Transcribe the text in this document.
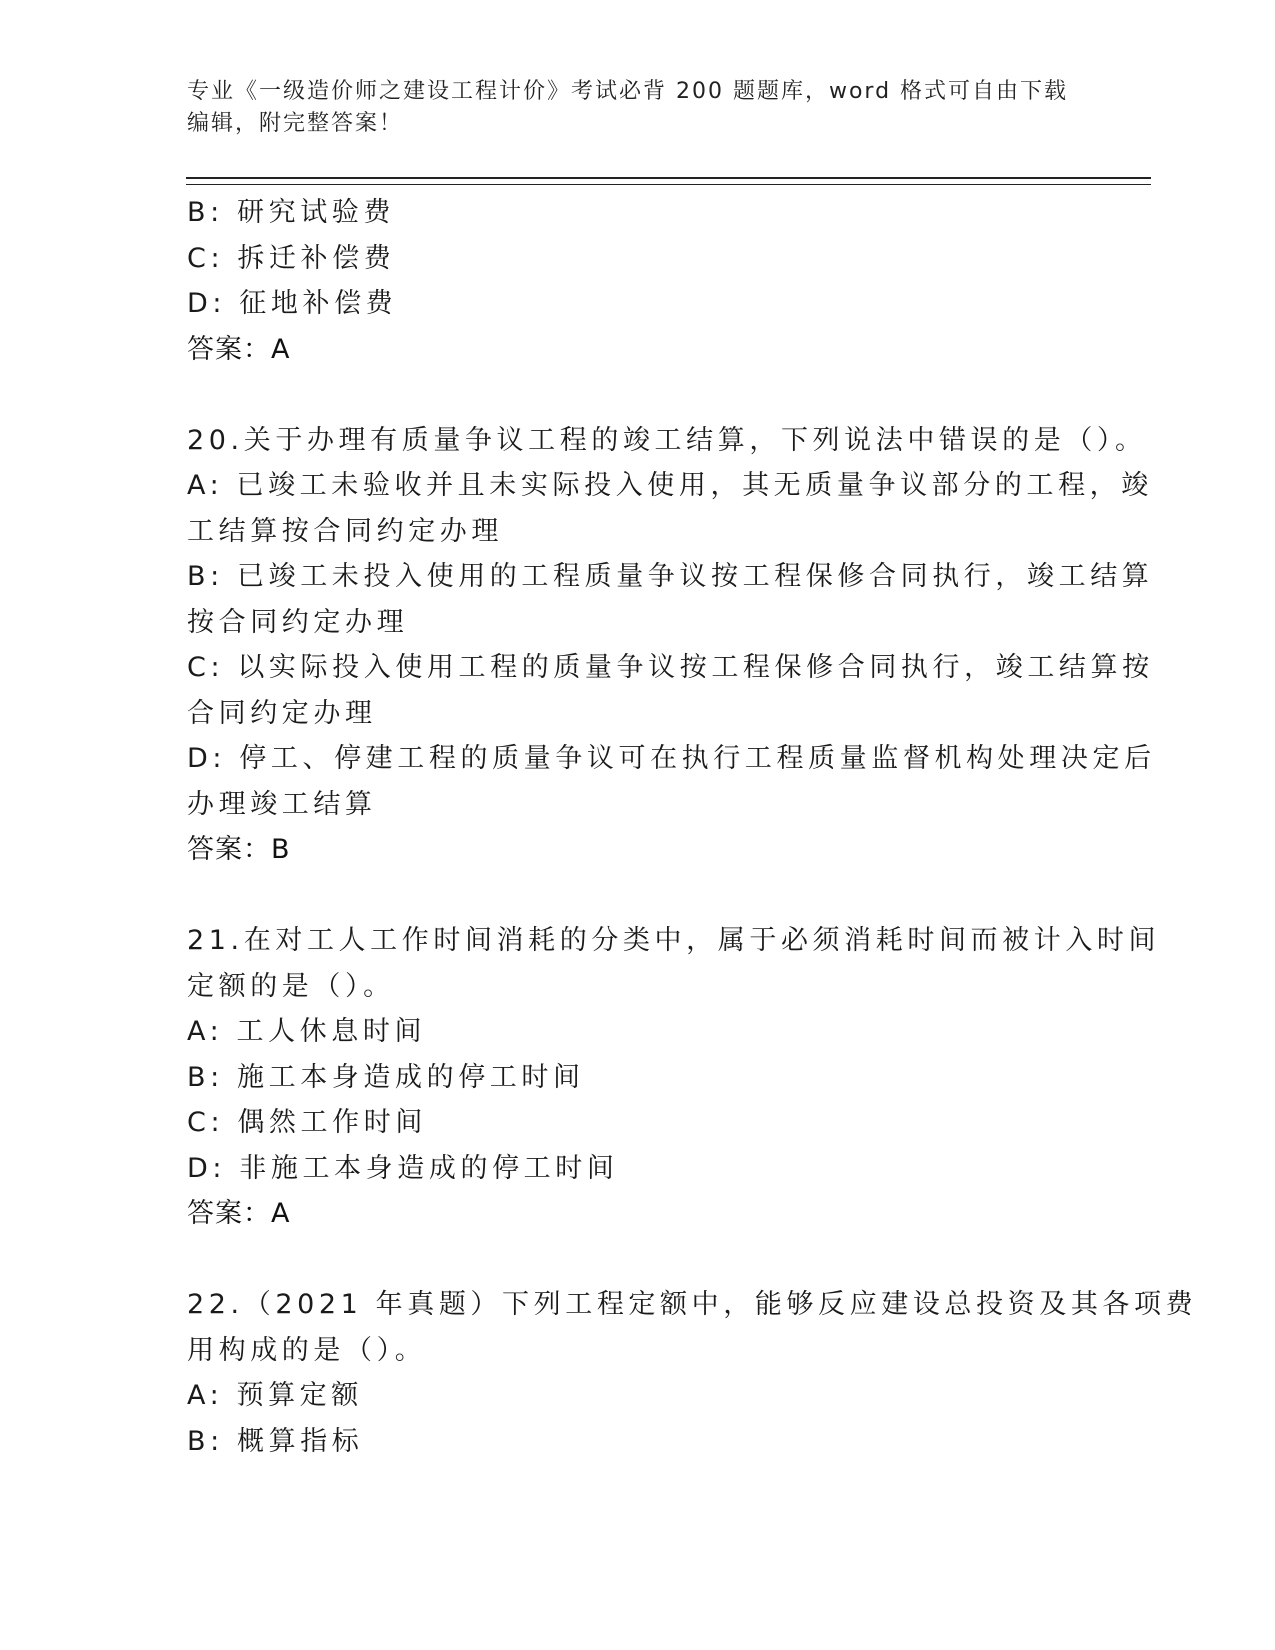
专业《一级造价师之建设工程计价》考试必背 200 题题库，word 格式可自由下载
编辑，附完整答案！
B: 研究试验费
C: 拆迁补偿费
D: 征地补偿费
答案：A
20.关于办理有质量争议工程的竣工结算，下列说法中错误的是（）。
A: 已竣工未验收并且未实际投入使用，其无质量争议部分的工程，竣
工结算按合同约定办理
B: 已竣工未投入使用的工程质量争议按工程保修合同执行，竣工结算
按合同约定办理
C: 以实际投入使用工程的质量争议按工程保修合同执行，竣工结算按
合同约定办理
D: 停工、停建工程的质量争议可在执行工程质量监督机构处理决定后
办理竣工结算
答案：B
21.在对工人工作时间消耗的分类中，属于必须消耗时间而被计入时间
定额的是（）。
A: 工人休息时间
B: 施工本身造成的停工时间
C: 偶然工作时间
D: 非施工本身造成的停工时间
答案：A
22.（2021 年真题）下列工程定额中，能够反应建设总投资及其各项费
用构成的是（）。
A: 预算定额
B: 概算指标
